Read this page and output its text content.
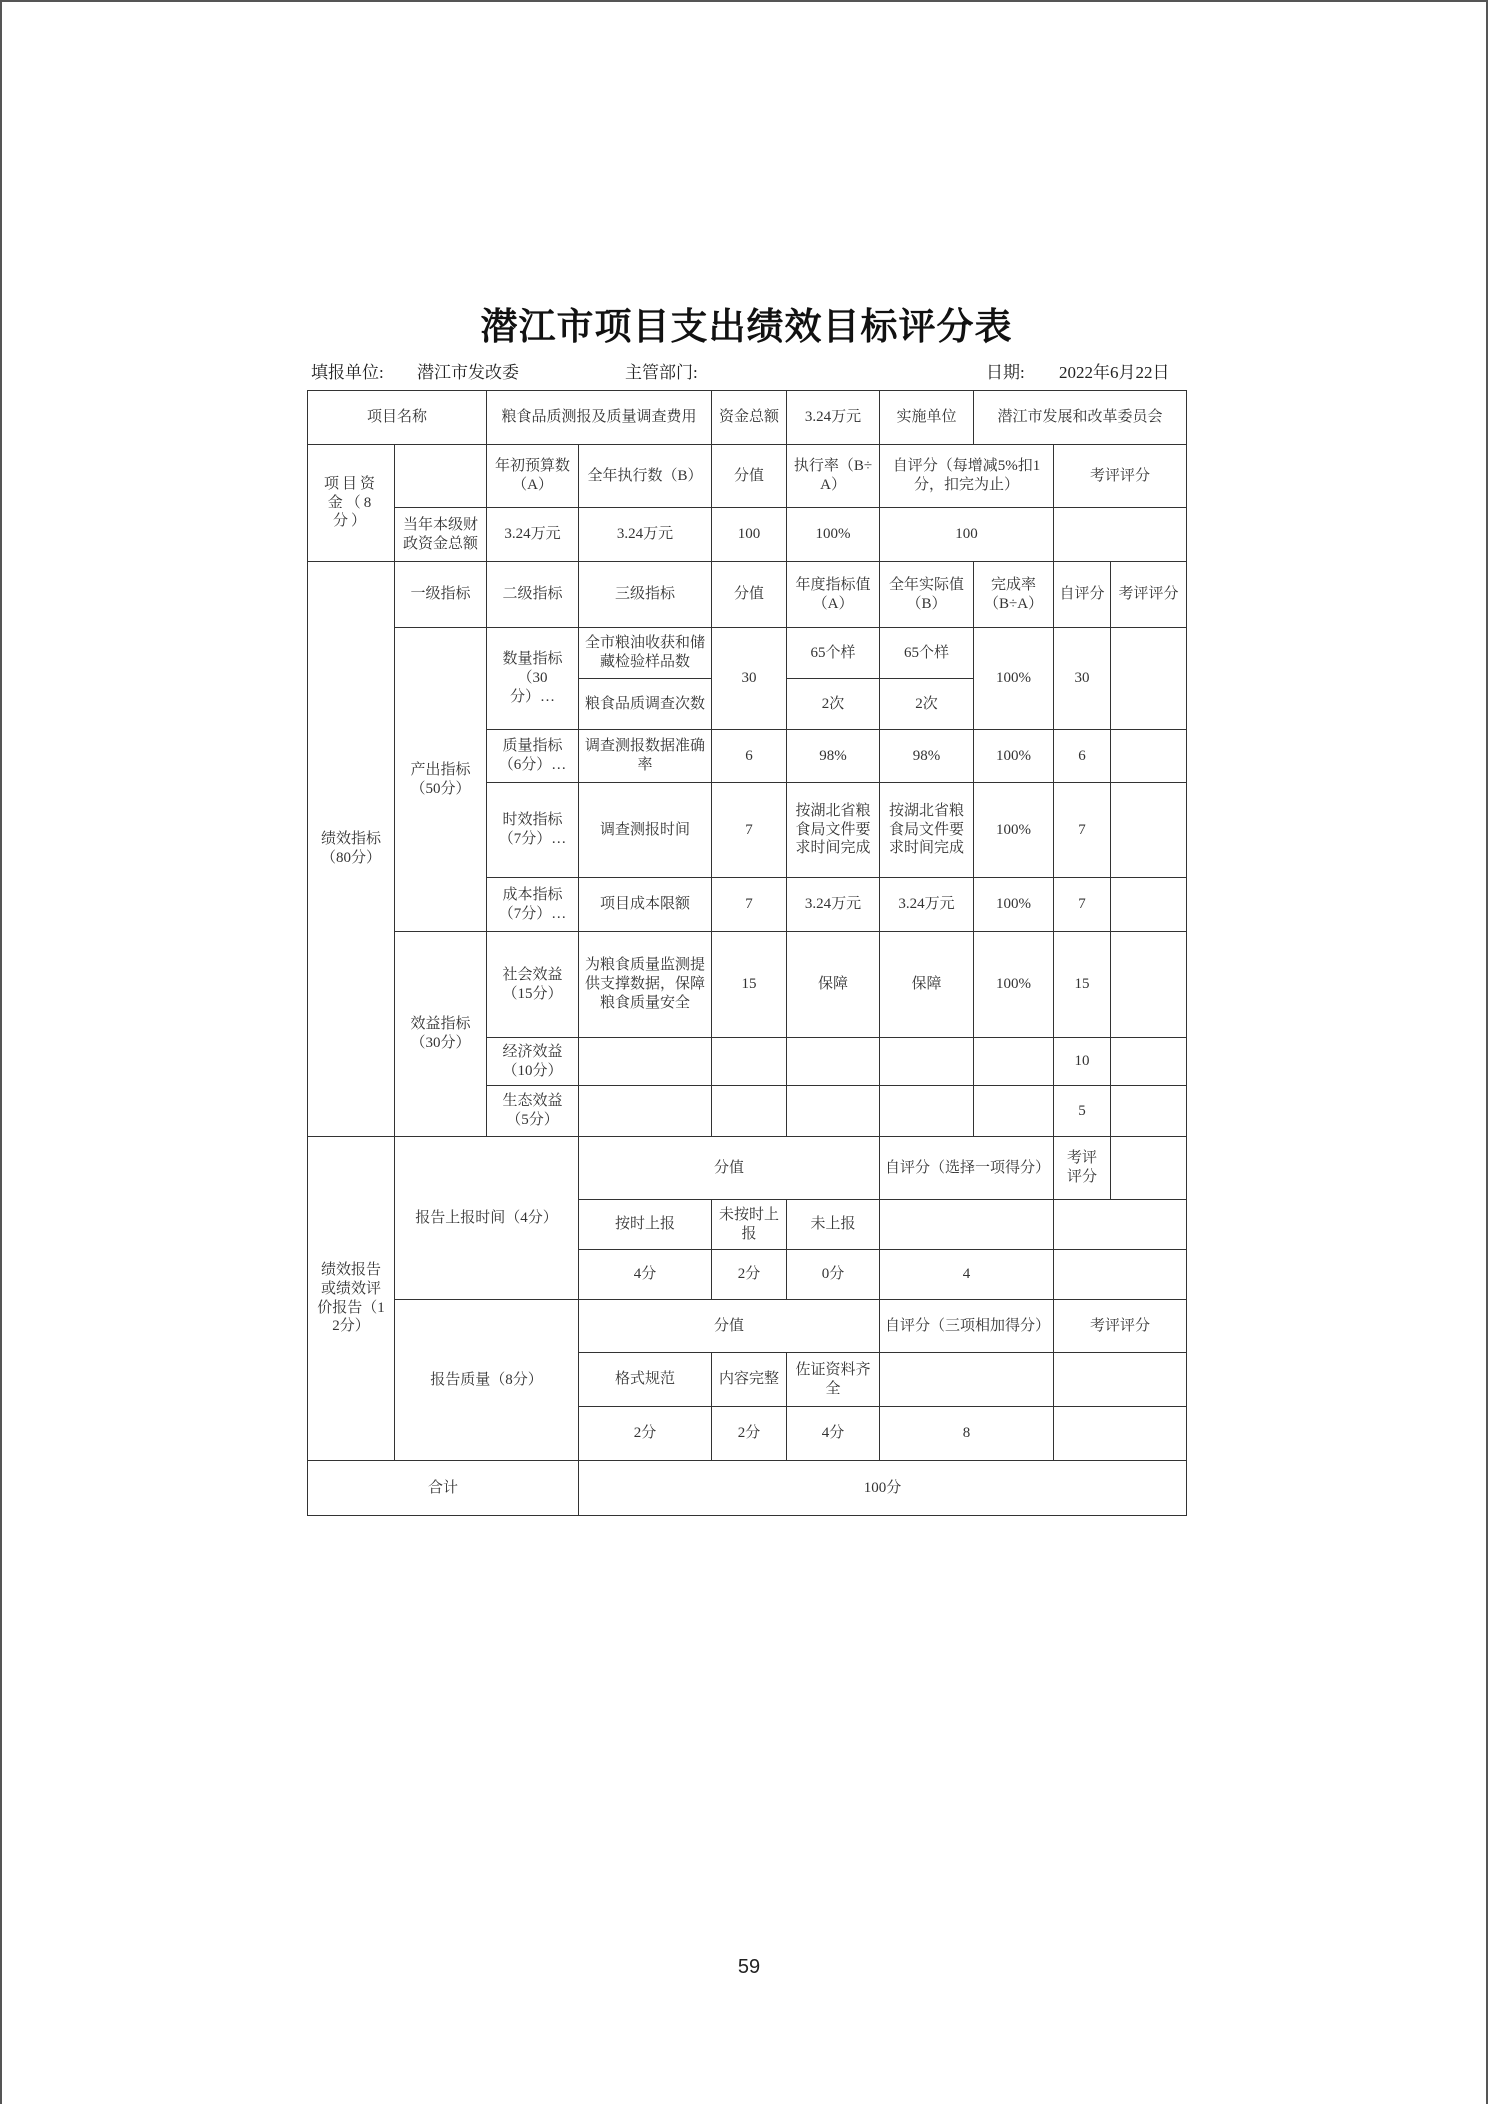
潜江市项目支出绩效目标评分表
填报单位: 潜江市发改委	主管部门:	日期: 2022年6月22日
项目名称		粮食品质测报及质量调查费用		资金总额	3.24万元	实施单位	潜江市发展和改革委员会		
项目资金（8分）		年初预算数（A）	全年执行数（B）	分值	执行率（B÷A）	自评分（每增减5%扣1分，扣完为止）		考评评分	
	当年本级财政资金总额	3.24万元	3.24万元	100	100%	100			
绩效指标（80分）	一级指标	二级指标	三级指标	分值	年度指标值（A）	全年实际值（B）	完成率（B÷A）	自评分	考评评分
	产出指标（50分）	数量指标（30分）…	全市粮油收获和储藏检验样品数	30	65个样	65个样	100%	30	
			粮食品质调查次数		2次	2次			
		质量指标（6分）…	调查测报数据准确率	6	98%	98%	100%	6	
		时效指标（7分）…	调查测报时间	7	按湖北省粮食局文件要求时间完成	按湖北省粮食局文件要求时间完成	100%	7	
		成本指标（7分）…	项目成本限额	7	3.24万元	3.24万元	100%	7	
	效益指标（30分）	社会效益（15分）	为粮食质量监测提供支撑数据，保障粮食质量安全	15	保障	保障	100%	15	
		经济效益（10分）						10	
		生态效益（5分）						5	
绩效报告或绩效评价报告（12分）	报告上报时间（4分）		分值			自评分（选择一项得分）		考评评分	
			按时上报	未按时上报	未上报				
			4分	2分	0分	4			
	报告质量（8分）		分值			自评分（三项相加得分）		考评评分	
			格式规范	内容完整	佐证资料齐全				
			2分	2分	4分	8			
合计			100分						
59
